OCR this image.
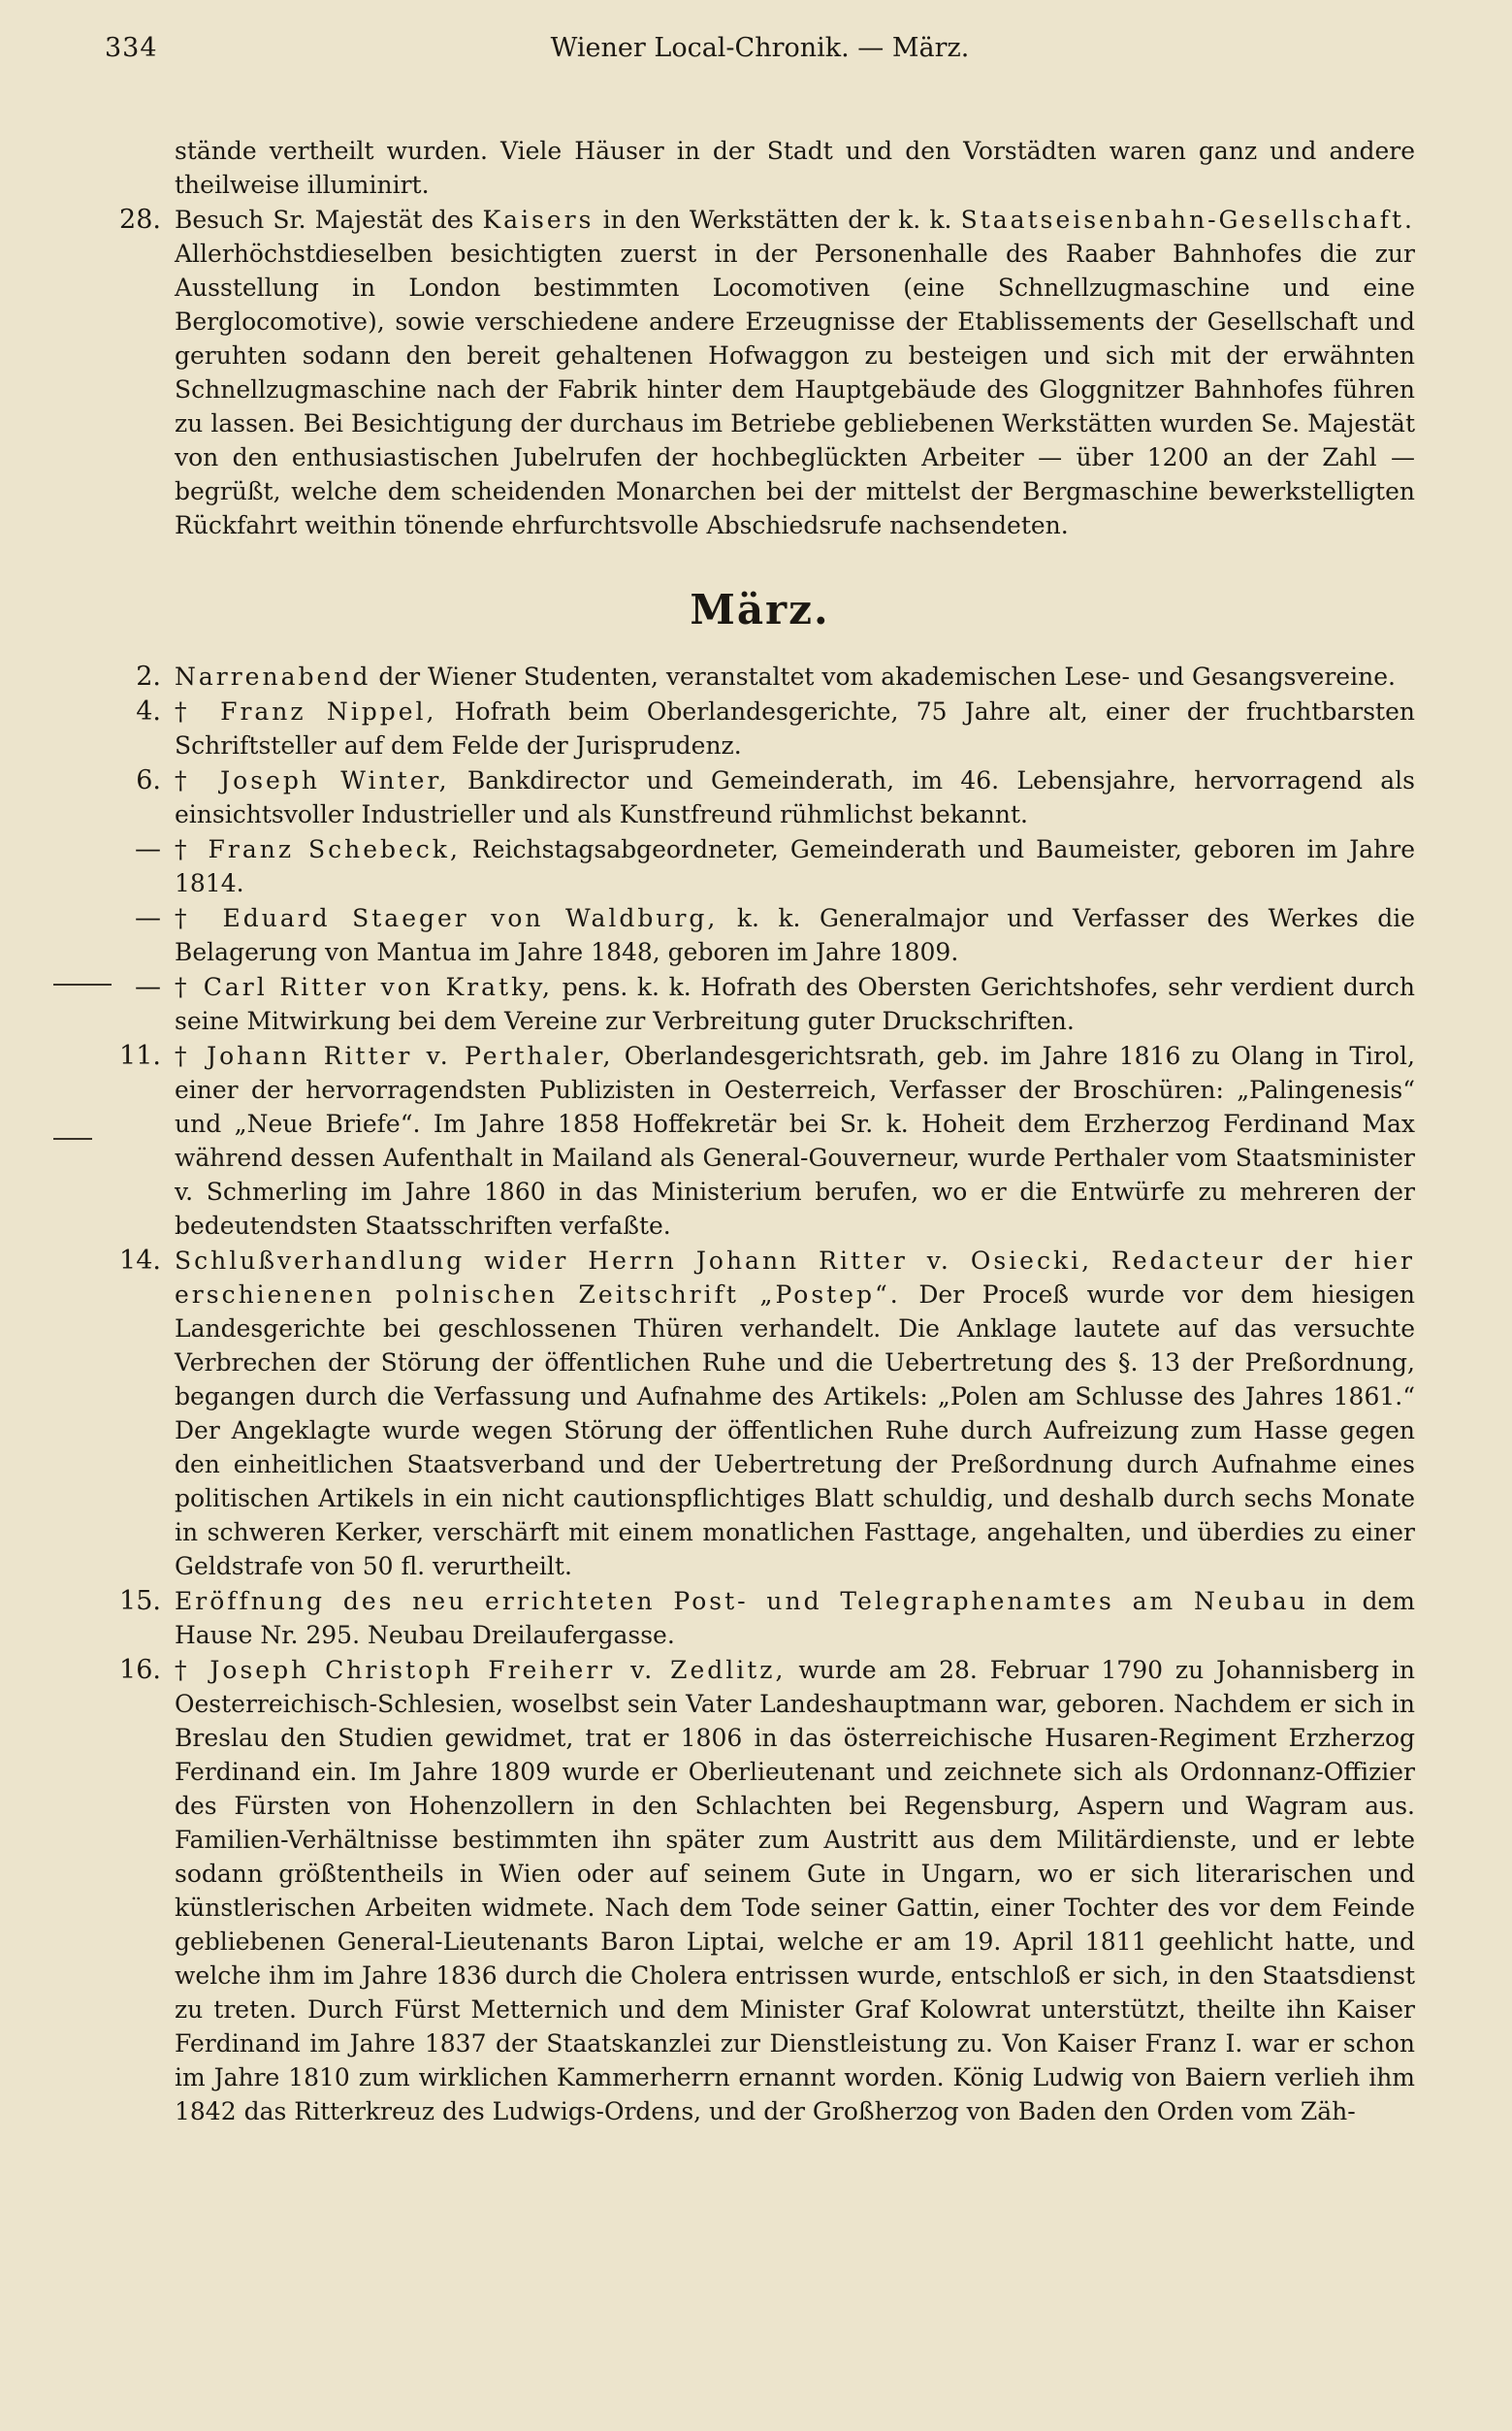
334	Wiener Local-Chronik. — März.
stände vertheilt wurden. Viele Häuser in der Stadt und den Vorstädten waren ganz und andere theilweise illuminirt.
28. Besuch Sr. Majestät des Kaisers in den Werkstätten der k. k. Staatseisenbahn-Gesellschaft. Allerhöchstdieselben besichtigten zuerst in der Personenhalle des Raaber Bahnhofes die zur Ausstellung in London bestimmten Locomotiven (eine Schnellzugmaschine und eine Berglocomotive), sowie verschiedene andere Erzeugnisse der Etablissements der Gesellschaft und geruhten sodann den bereit gehaltenen Hofwaggon zu besteigen und sich mit der erwähnten Schnellzugmaschine nach der Fabrik hinter dem Hauptgebäude des Gloggnitzer Bahnhofes führen zu lassen. Bei Besichtigung der durchaus im Betriebe gebliebenen Werkstätten wurden Se. Majestät von den enthusiastischen Jubelrufen der hochbeglückten Arbeiter — über 1200 an der Zahl — begrüßt, welche dem scheidenden Monarchen bei der mittelst der Bergmaschine bewerkstelligten Rückfahrt weithin tönende ehrfurchtsvolle Abschiedsrufe nachsendeten.
März.
2. Narrenabend der Wiener Studenten, veranstaltet vom akademischen Lese- und Gesangsvereine.
4. † Franz Nippel, Hofrath beim Oberlandesgerichte, 75 Jahre alt, einer der fruchtbarsten Schriftsteller auf dem Felde der Jurisprudenz.
6. † Joseph Winter, Bankdirector und Gemeinderath, im 46. Lebensjahre, hervorragend als einsichtsvoller Industrieller und als Kunstfreund rühmlichst bekannt.
— † Franz Schebeck, Reichstagsabgeordneter, Gemeinderath und Baumeister, geboren im Jahre 1814.
— † Eduard Staeger von Waldburg, k. k. Generalmajor und Verfasser des Werkes die Belagerung von Mantua im Jahre 1848, geboren im Jahre 1809.
— † Carl Ritter von Kratky, pens. k. k. Hofrath des Obersten Gerichtshofes, sehr verdient durch seine Mitwirkung bei dem Vereine zur Verbreitung guter Druckschriften.
11. † Johann Ritter v. Perthaler, Oberlandesgerichtsrath, geb. im Jahre 1816 zu Olang in Tirol, einer der hervorragendsten Publizisten in Oesterreich, Verfasser der Broschüren: „Palingenesis“ und „Neue Briefe“. Im Jahre 1858 Hoffekretär bei Sr. k. Hoheit dem Erzherzog Ferdinand Max während dessen Aufenthalt in Mailand als General-Gouverneur, wurde Perthaler vom Staatsminister v. Schmerling im Jahre 1860 in das Ministerium berufen, wo er die Entwürfe zu mehreren der bedeutendsten Staatsschriften verfaßte.
14. Schlußverhandlung wider Herrn Johann Ritter v. Osiecki, Redacteur der hier erschienenen polnischen Zeitschrift „Postep“. Der Proceß wurde vor dem hiesigen Landesgerichte bei geschlossenen Thüren verhandelt. Die Anklage lautete auf das versuchte Verbrechen der Störung der öffentlichen Ruhe und die Uebertretung des §. 13 der Preßordnung, begangen durch die Verfassung und Aufnahme des Artikels: „Polen am Schlusse des Jahres 1861.“ Der Angeklagte wurde wegen Störung der öffentlichen Ruhe durch Aufreizung zum Hasse gegen den einheitlichen Staatsverband und der Uebertretung der Preßordnung durch Aufnahme eines politischen Artikels in ein nicht cautionspflichtiges Blatt schuldig, und deshalb durch sechs Monate in schweren Kerker, verschärft mit einem monatlichen Fasttage, angehalten, und überdies zu einer Geldstrafe von 50 fl. verurtheilt.
15. Eröffnung des neu errichteten Post- und Telegraphenamtes am Neubau in dem Hause Nr. 295. Neubau Dreilaufergasse.
16. † Joseph Christoph Freiherr v. Zedlitz, wurde am 28. Februar 1790 zu Johannisberg in Oesterreichisch-Schlesien, woselbst sein Vater Landeshauptmann war, geboren. Nachdem er sich in Breslau den Studien gewidmet, trat er 1806 in das österreichische Husaren-Regiment Erzherzog Ferdinand ein. Im Jahre 1809 wurde er Oberlieutenant und zeichnete sich als Ordonnanz-Offizier des Fürsten von Hohenzollern in den Schlachten bei Regensburg, Aspern und Wagram aus. Familien-Verhältnisse bestimmten ihn später zum Austritt aus dem Militärdienste, und er lebte sodann größtentheils in Wien oder auf seinem Gute in Ungarn, wo er sich literarischen und künstlerischen Arbeiten widmete. Nach dem Tode seiner Gattin, einer Tochter des vor dem Feinde gebliebenen General-Lieutenants Baron Liptai, welche er am 19. April 1811 geehlicht hatte, und welche ihm im Jahre 1836 durch die Cholera entrissen wurde, entschloß er sich, in den Staatsdienst zu treten. Durch Fürst Metternich und dem Minister Graf Kolowrat unterstützt, theilte ihn Kaiser Ferdinand im Jahre 1837 der Staatskanzlei zur Dienstleistung zu. Von Kaiser Franz I. war er schon im Jahre 1810 zum wirklichen Kammerherrn ernannt worden. König Ludwig von Baiern verlieh ihm 1842 das Ritterkreuz des Ludwigs-Ordens, und der Großherzog von Baden den Orden vom Zäh-
